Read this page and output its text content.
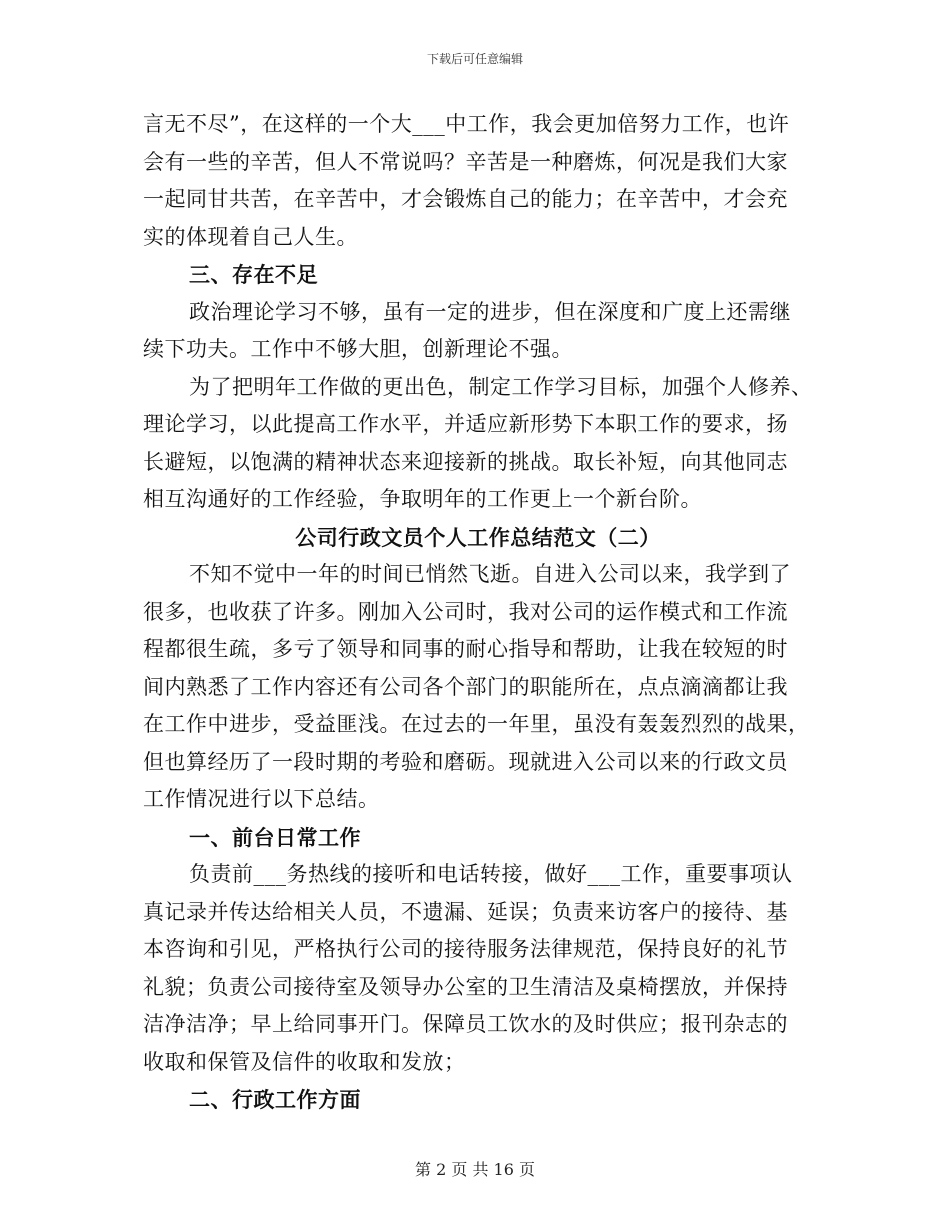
下载后可任意编辑
言无不尽”，在这样的一个大___中工作，我会更加倍努力工作，也许
会有一些的辛苦，但人不常说吗？辛苦是一种磨炼，何况是我们大家
一起同甘共苦，在辛苦中，才会锻炼自己的能力；在辛苦中，才会充
实的体现着自己人生。
三、存在不足
政治理论学习不够，虽有一定的进步，但在深度和广度上还需继
续下功夫。工作中不够大胆，创新理论不强。
为了把明年工作做的更出色，制定工作学习目标，加强个人修养、
理论学习，以此提高工作水平，并适应新形势下本职工作的要求，扬
长避短，以饱满的精神状态来迎接新的挑战。取长补短，向其他同志
相互沟通好的工作经验，争取明年的工作更上一个新台阶。
公司行政文员个人工作总结范文（二）
不知不觉中一年的时间已悄然飞逝。自进入公司以来，我学到了
很多，也收获了许多。刚加入公司时，我对公司的运作模式和工作流
程都很生疏，多亏了领导和同事的耐心指导和帮助，让我在较短的时
间内熟悉了工作内容还有公司各个部门的职能所在，点点滴滴都让我
在工作中进步，受益匪浅。在过去的一年里，虽没有轰轰烈烈的战果，
但也算经历了一段时期的考验和磨砺。现就进入公司以来的行政文员
工作情况进行以下总结。
一、前台日常工作
负责前___务热线的接听和电话转接，做好___工作，重要事项认
真记录并传达给相关人员，不遗漏、延误；负责来访客户的接待、基
本咨询和引见，严格执行公司的接待服务法律规范，保持良好的礼节
礼貌；负责公司接待室及领导办公室的卫生清洁及桌椅摆放，并保持
洁净洁净；早上给同事开门。保障员工饮水的及时供应；报刊杂志的
收取和保管及信件的收取和发放；
二、行政工作方面
第 2 页 共 16 页
